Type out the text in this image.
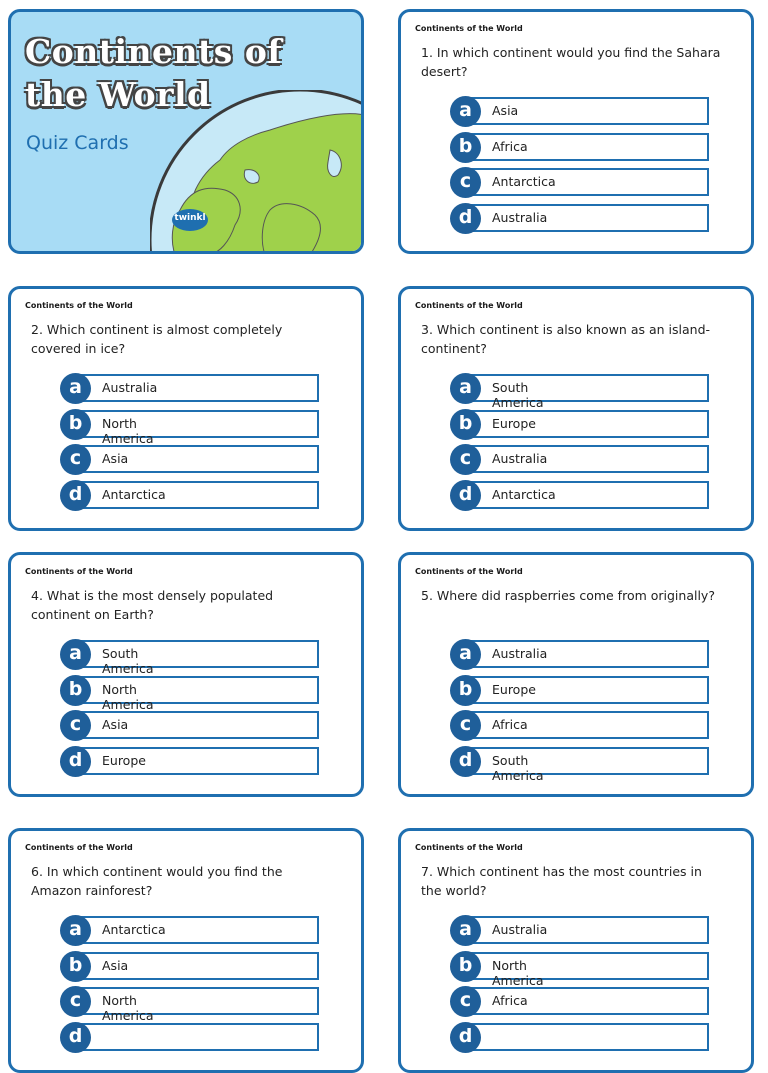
Continents of
the World
Quiz Cards
twinkl
Continents of the World
1. In which continent would you find the Sahara desert?
a	Asia
b	Africa
c	Antarctica
d	Australia
Continents of the World
2. Which continent is almost completely covered in ice?
a	Australia
b	North America
c	Asia
d	Antarctica
Continents of the World
3. Which continent is also known as an island-continent?
a	South America
b	Europe
c	Australia
d	Antarctica
Continents of the World
4. What is the most densely populated continent on Earth?
a	South America
b	North America
c	Asia
d	Europe
Continents of the World
5. Where did raspberries come from originally?
a	Australia
b	Europe
c	Africa
d	South America
Continents of the World
6. In which continent would you find the Amazon rainforest?
a	Antarctica
b	Asia
c	North America
d
Continents of the World
7. Which continent has the most countries in the world?
a	Australia
b	North America
c	Africa
d
